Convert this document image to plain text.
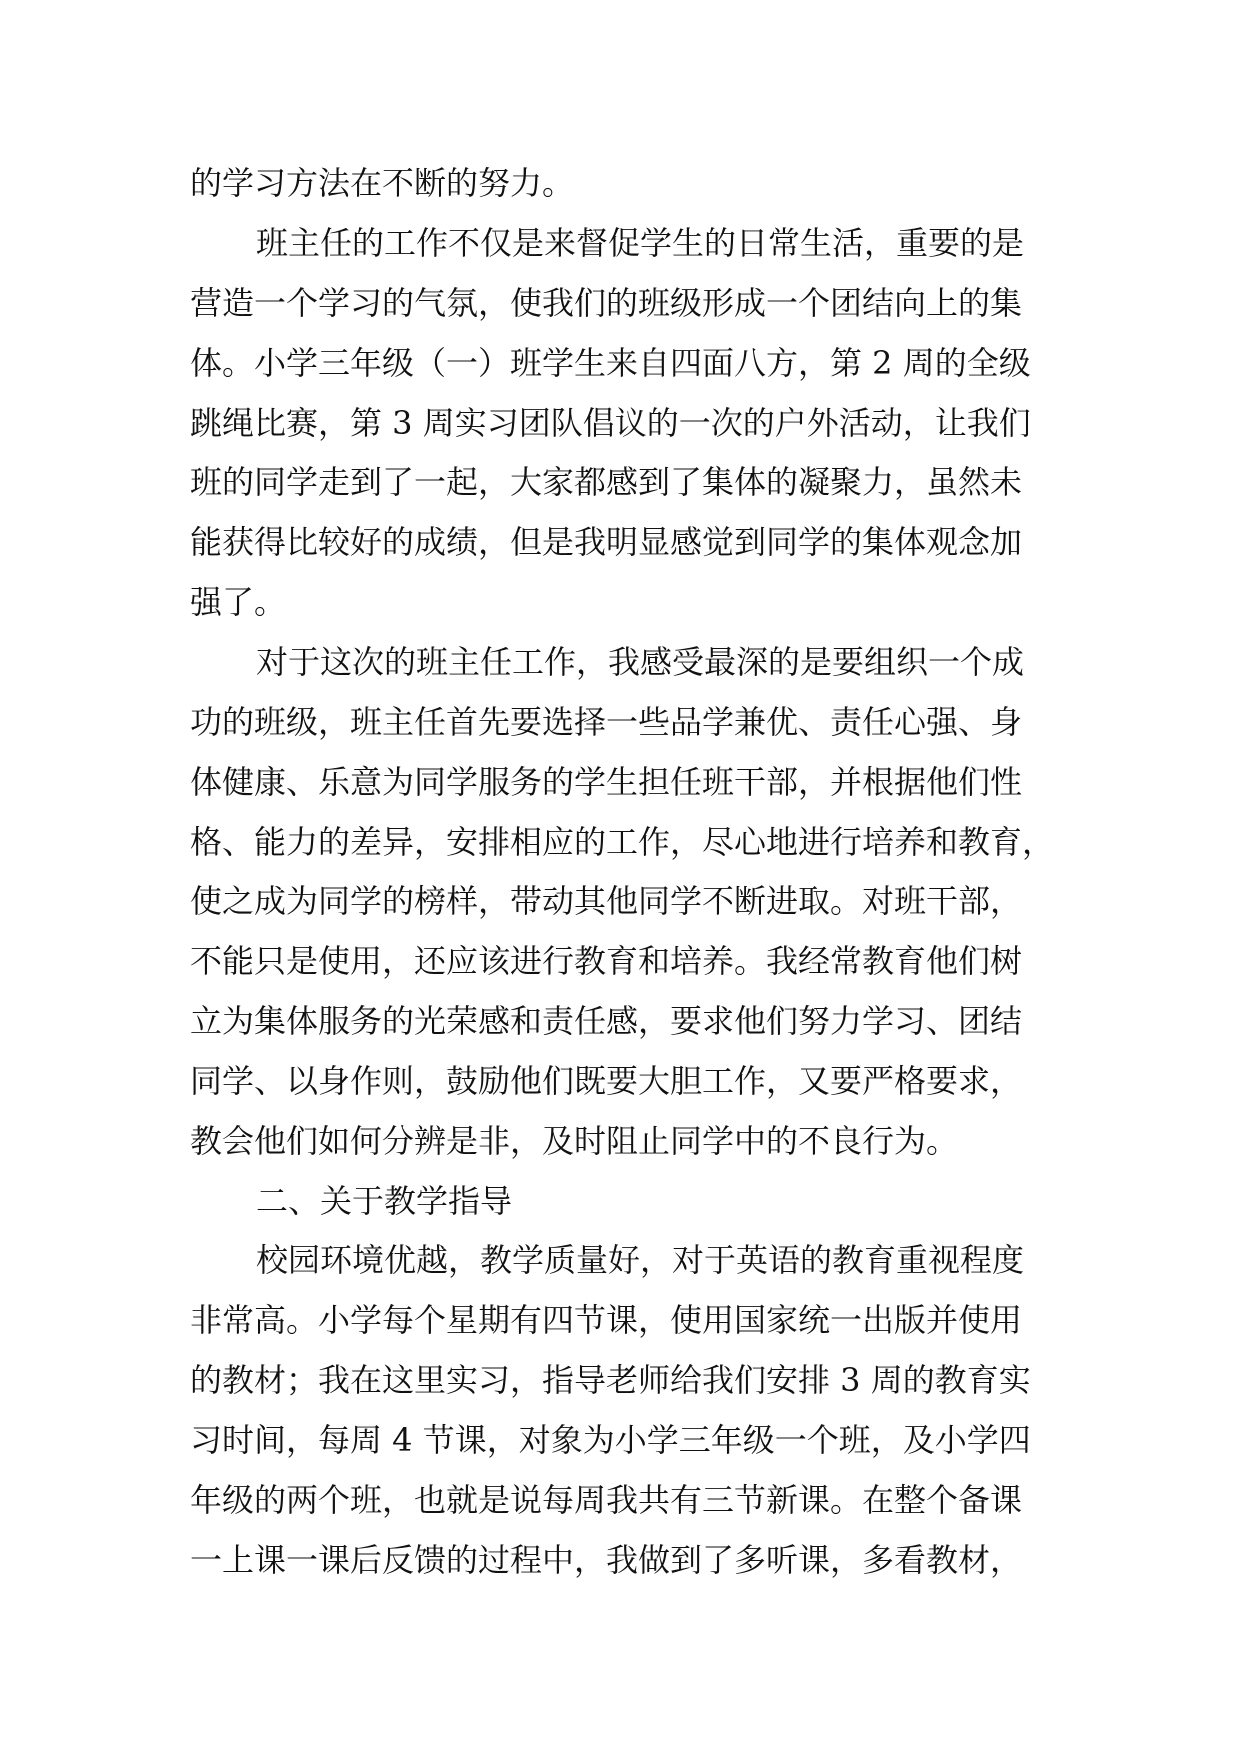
的学习方法在不断的努力。
班主任的工作不仅是来督促学生的日常生活，重要的是
营造一个学习的气氛，使我们的班级形成一个团结向上的集
体。小学三年级（一）班学生来自四面八方，第 2 周的全级
跳绳比赛，第 3 周实习团队倡议的一次的户外活动，让我们
班的同学走到了一起，大家都感到了集体的凝聚力，虽然未
能获得比较好的成绩，但是我明显感觉到同学的集体观念加
强了。
对于这次的班主任工作，我感受最深的是要组织一个成
功的班级，班主任首先要选择一些品学兼优、责任心强、身
体健康、乐意为同学服务的学生担任班干部，并根据他们性
格、能力的差异，安排相应的工作，尽心地进行培养和教育，
使之成为同学的榜样，带动其他同学不断进取。对班干部，
不能只是使用，还应该进行教育和培养。我经常教育他们树
立为集体服务的光荣感和责任感，要求他们努力学习、团结
同学、以身作则，鼓励他们既要大胆工作，又要严格要求，
教会他们如何分辨是非，及时阻止同学中的不良行为。
二、关于教学指导
校园环境优越，教学质量好，对于英语的教育重视程度
非常高。小学每个星期有四节课，使用国家统一出版并使用
的教材；我在这里实习，指导老师给我们安排 3 周的教育实
习时间，每周 4 节课，对象为小学三年级一个班，及小学四
年级的两个班，也就是说每周我共有三节新课。在整个备课
一上课一课后反馈的过程中，我做到了多听课，多看教材，
